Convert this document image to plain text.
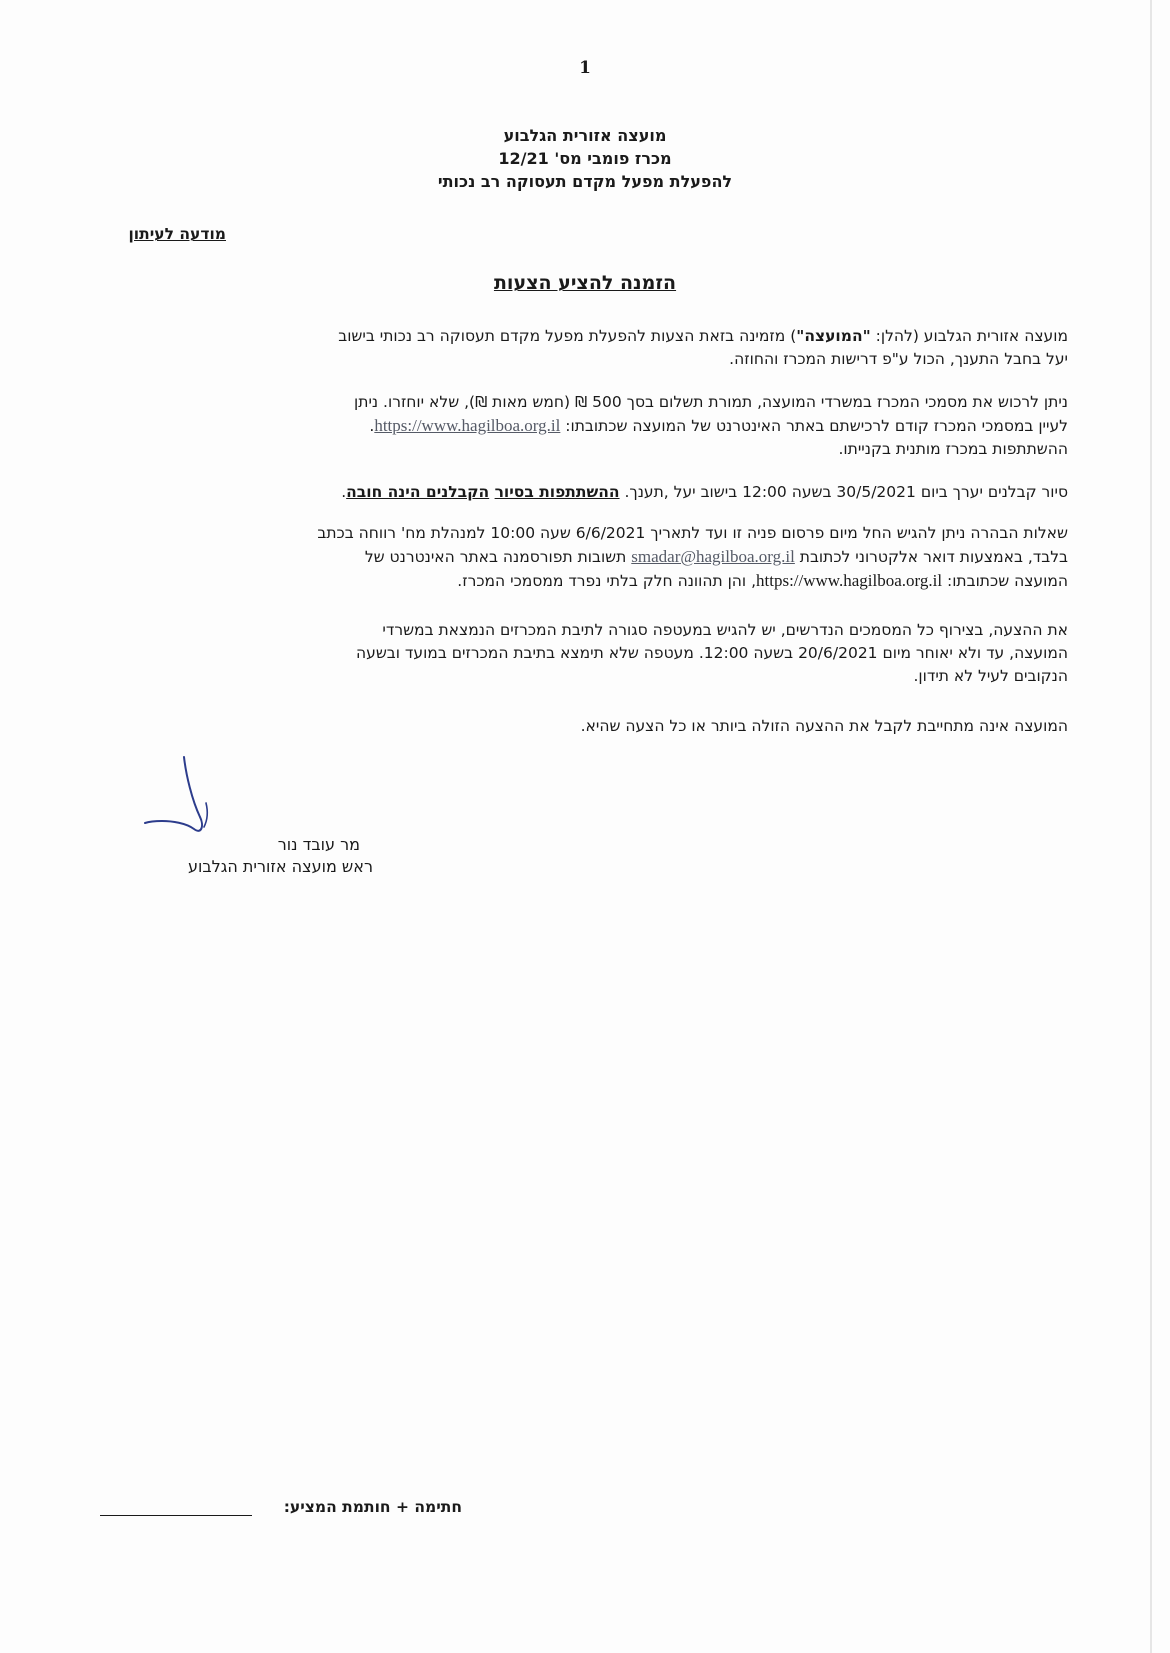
1
מועצה אזורית הגלבוע
מכרז פומבי מס' 12/21
להפעלת מפעל מקדם תעסוקה רב נכותי
מודעה לעיתון
הזמנה להציע הצעות
מועצה אזורית הגלבוע (להלן: "המועצה") מזמינה בזאת הצעות להפעלת מפעל מקדם תעסוקה רב נכותי בישוב
יעל בחבל התענך, הכול ע"פ דרישות המכרז והחוזה.
ניתן לרכוש את מסמכי המכרז במשרדי המועצה, תמורת תשלום בסך 500 ₪ (חמש מאות ₪), שלא יוחזרו. ניתן
לעיין במסמכי המכרז קודם לרכישתם באתר האינטרנט של המועצה שכתובתו: https://www.hagilboa.org.il.
ההשתתפות במכרז מותנית בקנייתו.
סיור קבלנים יערך ביום 30/5/2021 בשעה 12:00 בישוב יעל ,תענך. ההשתתפות בסיור הקבלנים הינה חובה.
שאלות הבהרה ניתן להגיש החל מיום פרסום פניה זו ועד לתאריך 6/6/2021 שעה 10:00 למנהלת מח' רווחה בכתב
בלבד, באמצעות דואר אלקטרוני לכתובת smadar@hagilboa.org.il תשובות תפורסמנה באתר האינטרנט של
המועצה שכתובתו: https://www.hagilboa.org.il, והן תהוונה חלק בלתי נפרד ממסמכי המכרז.
את ההצעה, בצירוף כל המסמכים הנדרשים, יש להגיש במעטפה סגורה לתיבת המכרזים הנמצאת במשרדי
המועצה, עד ולא יאוחר מיום 20/6/2021 בשעה 12:00. מעטפה שלא תימצא בתיבת המכרזים במועד ובשעה
הנקובים לעיל לא תידון.
המועצה אינה מתחייבת לקבל את ההצעה הזולה ביותר או כל הצעה שהיא.
מר עובד נור
ראש מועצה אזורית הגלבוע
חתימה + חותמת המציע:
